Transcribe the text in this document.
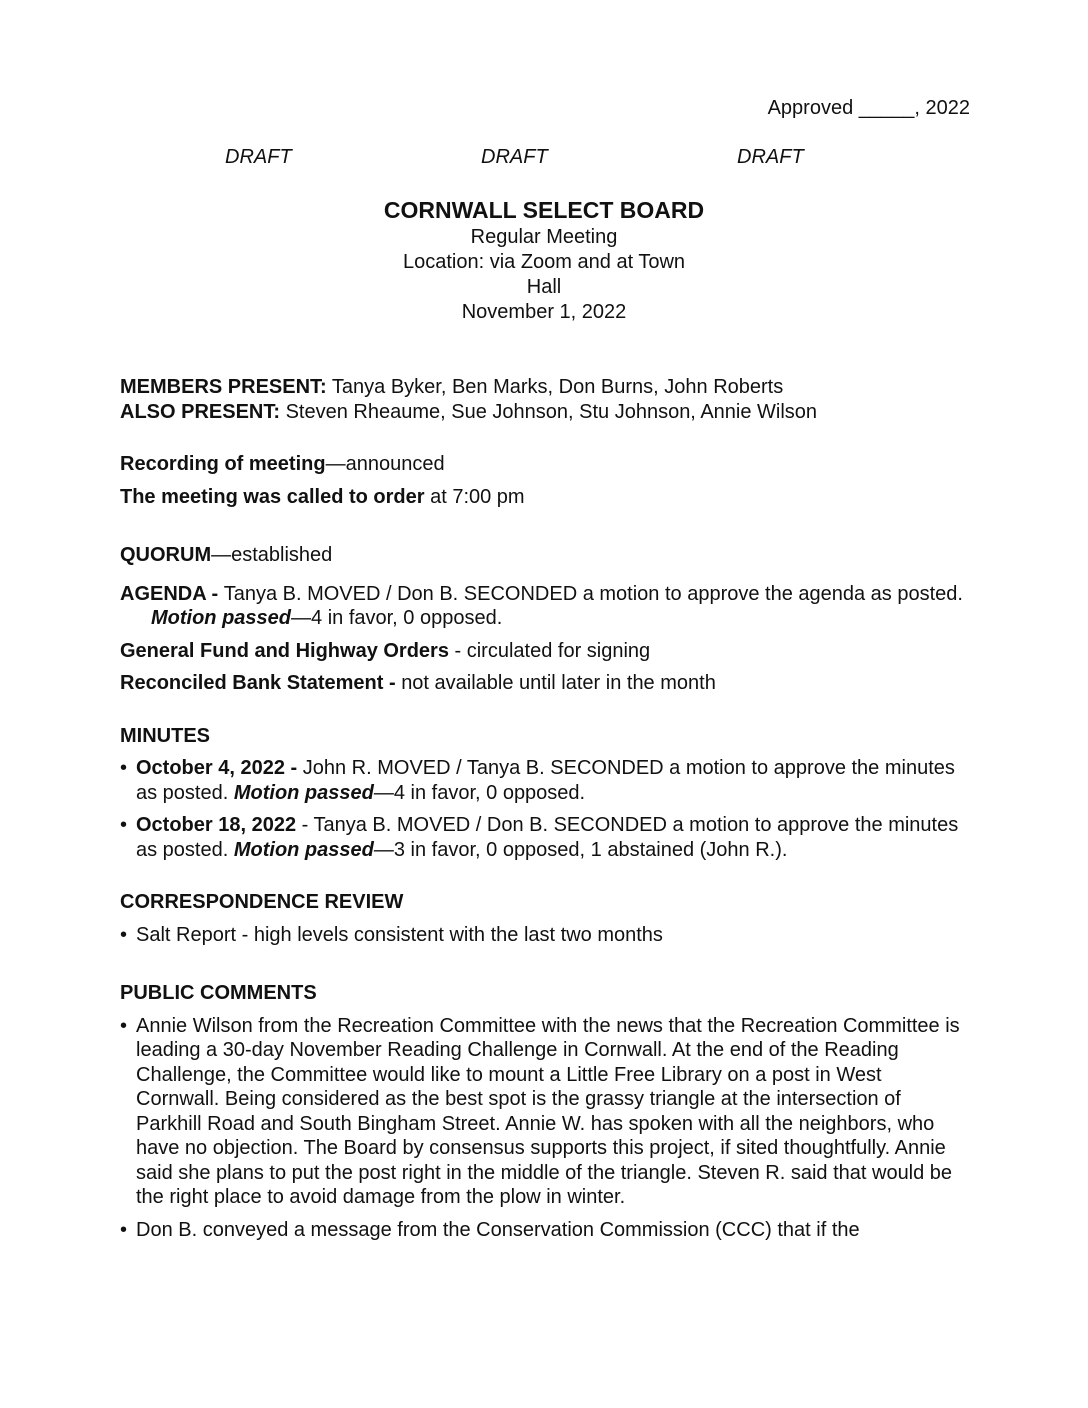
Approved _____, 2022
DRAFT	DRAFT	DRAFT
CORNWALL SELECT BOARD
Regular Meeting
Location: via Zoom and at Town
Hall
November 1, 2022

MEMBERS PRESENT: Tanya Byker, Ben Marks, Don Burns, John Roberts

ALSO PRESENT: Steven Rheaume, Sue Johnson, Stu Johnson, Annie Wilson

Recording of meeting—announced

The meeting was called to order at 7:00 pm

QUORUM—established

AGENDA - Tanya B. MOVED / Don B. SECONDED a motion to approve the agenda as posted. Motion passed—4 in favor, 0 opposed.

General Fund and Highway Orders - circulated for signing

Reconciled Bank Statement - not available until later in the month

MINUTES

• October 4, 2022 - John R. MOVED / Tanya B. SECONDED a motion to approve the minutes as posted. Motion passed—4 in favor, 0 opposed.
• October 18, 2022 - Tanya B. MOVED / Don B. SECONDED a motion to approve the minutes as posted. Motion passed—3 in favor, 0 opposed, 1 abstained (John R.).

CORRESPONDENCE REVIEW

• Salt Report - high levels consistent with the last two months

PUBLIC COMMENTS

• Annie Wilson from the Recreation Committee with the news that the Recreation Committee is leading a 30-day November Reading Challenge in Cornwall. At the end of the Reading Challenge, the Committee would like to mount a Little Free Library on a post in West Cornwall. Being considered as the best spot is the grassy triangle at the intersection of Parkhill Road and South Bingham Street. Annie W. has spoken with all the neighbors, who have no objection. The Board by consensus supports this project, if sited thoughtfully. Annie said she plans to put the post right in the middle of the triangle. Steven R. said that would be the right place to avoid damage from the plow in winter.
• Don B. conveyed a message from the Conservation Commission (CCC) that if the
